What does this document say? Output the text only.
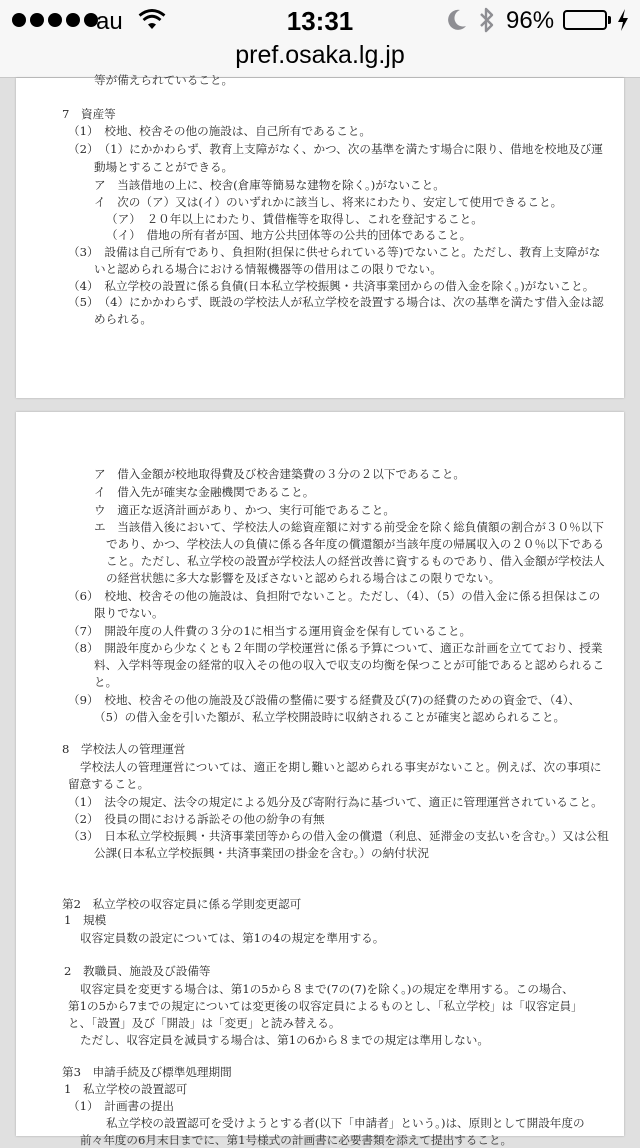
au	13:31	96%
pref.osaka.lg.jp
等が備えられていること。
7　資産等
（1）　校地、校舎その他の施設は、自己所有であること。
（2）　（1）にかかわらず、教育上支障がなく、かつ、次の基準を満たす場合に限り、借地を校地及び運
動場とすることができる。
ア　当該借地の上に、校舎(倉庫等簡易な建物を除く。)がないこと。
イ　次の（ア）又は(イ）のいずれかに該当し、将来にわたり、安定して使用できること。
（ア）　２０年以上にわたり、賃借権等を取得し、これを登記すること。
（イ）　借地の所有者が国、地方公共団体等の公共的団体であること。
（3）　設備は自己所有であり、負担附(担保に供せられている等)でないこと。ただし、教育上支障がな
いと認められる場合における情報機器等の借用はこの限りでない。
（4）　私立学校の設置に係る負債(日本私立学校振興・共済事業団からの借入金を除く。)がないこと。
（5）　（4）にかかわらず、既設の学校法人が私立学校を設置する場合は、次の基準を満たす借入金は認
められる。
ア　借入金額が校地取得費及び校舎建築費の３分の２以下であること。
イ　借入先が確実な金融機関であること。
ウ　適正な返済計画があり、かつ、実行可能であること。
エ　当該借入後において、学校法人の総資産額に対する前受金を除く総負債額の割合が３０％以下
であり、かつ、学校法人の負債に係る各年度の償還額が当該年度の帰属収入の２０％以下である
こと。ただし、私立学校の設置が学校法人の経営改善に資するものであり、借入金額が学校法人
の経営状態に多大な影響を及ぼさないと認められる場合はこの限りでない。
（6）　校地、校舎その他の施設は、負担附でないこと。ただし、（4）、（5）の借入金に係る担保はこの
限りでない。
（7）　開設年度の人件費の３分の1に相当する運用資金を保有していること。
（8）　開設年度から少なくとも２年間の学校運営に係る予算について、適正な計画を立てており、授業
料、入学料等現金の経常的収入その他の収入で収支の均衡を保つことが可能であると認められるこ
と。
（9）　校地、校舎その他の施設及び設備の整備に要する経費及び(7)の経費のための資金で、（4）、
（5）の借入金を引いた額が、私立学校開設時に収納されることが確実と認められること。
8　学校法人の管理運営
学校法人の管理運営については、適正を期し難いと認められる事実がないこと。例えば、次の事項に
留意すること。
（1）　法令の規定、法令の規定による処分及び寄附行為に基づいて、適正に管理運営されていること。
（2）　役員の間における訴訟その他の紛争の有無
（3）　日本私立学校振興・共済事業団等からの借入金の償還（利息、延滞金の支払いを含む。）又は公租
公課(日本私立学校振興・共済事業団の掛金を含む。）の納付状況
第2　私立学校の収容定員に係る学則変更認可
1　規模
収容定員数の設定については、第1の4の規定を準用する。
2　教職員、施設及び設備等
収容定員を変更する場合は、第1の5から８まで(7の(7)を除く。)の規定を準用する。この場合、
第1の5から7までの規定については変更後の収容定員によるものとし、「私立学校」は「収容定員」
と、「設置」及び「開設」は「変更」と読み替える。
ただし、収容定員を減員する場合は、第1の6から８までの規定は準用しない。
第3　申請手続及び標準処理期間
1　私立学校の設置認可
（1）　計画書の提出
私立学校の設置認可を受けようとする者(以下「申請者」という。)は、原則として開設年度の
前々年度の6月末日までに、第1号様式の計画書に必要書類を添えて提出すること。
